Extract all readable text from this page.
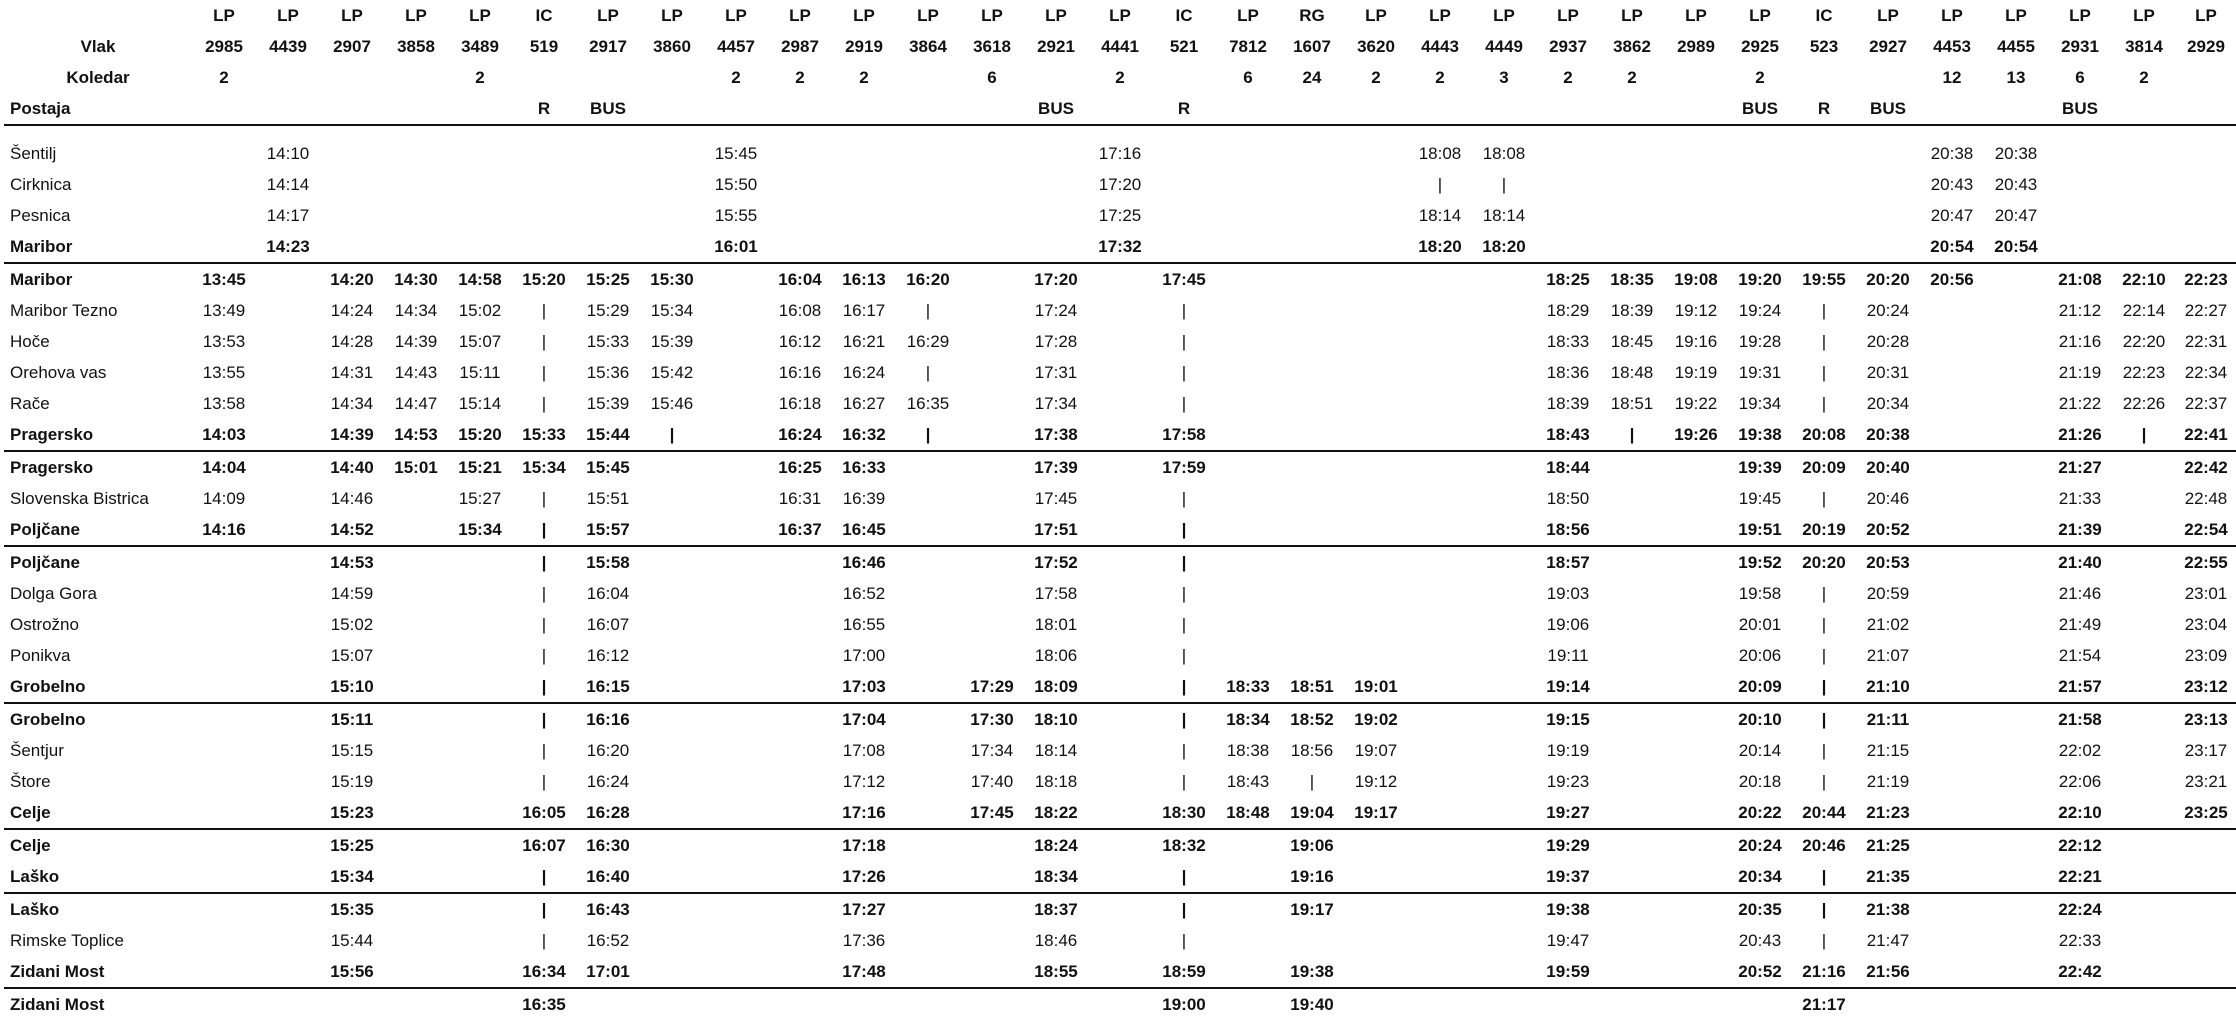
	LP	LP	LP	LP	LP	IC	LP	LP	LP	LP	LP	LP	LP	LP	LP	IC	LP	RG	LP	LP	LP	LP	LP	LP	LP	IC	LP	LP	LP	LP	LP	LP
Vlak	2985	4439	2907	3858	3489	519	2917	3860	4457	2987	2919	3864	3618	2921	4441	521	7812	1607	3620	4443	4449	2937	3862	2989	2925	523	2927	4453	4455	2931	3814	2929
Koledar	2				2				2	2	2		6		2		6	24	2	2	3	2	2		2			12	13	6	2	
Postaja						R	BUS							BUS		R									BUS	R	BUS			BUS		

Šentilj		14:10							15:45						17:16					18:08	18:08							20:38	20:38			
Cirknica		14:14							15:50						17:20					|	|							20:43	20:43			
Pesnica		14:17							15:55						17:25					18:14	18:14							20:47	20:47			
Maribor		14:23							16:01						17:32					18:20	18:20							20:54	20:54			
Maribor	13:45		14:20	14:30	14:58	15:20	15:25	15:30		16:04	16:13	16:20		17:20		17:45						18:25	18:35	19:08	19:20	19:55	20:20	20:56		21:08	22:10	22:23
Maribor Tezno	13:49		14:24	14:34	15:02	|	15:29	15:34		16:08	16:17	|		17:24		|						18:29	18:39	19:12	19:24	|	20:24			21:12	22:14	22:27
Hoče	13:53		14:28	14:39	15:07	|	15:33	15:39		16:12	16:21	16:29		17:28		|						18:33	18:45	19:16	19:28	|	20:28			21:16	22:20	22:31
Orehova vas	13:55		14:31	14:43	15:11	|	15:36	15:42		16:16	16:24	|		17:31		|						18:36	18:48	19:19	19:31	|	20:31			21:19	22:23	22:34
Rače	13:58		14:34	14:47	15:14	|	15:39	15:46		16:18	16:27	16:35		17:34		|						18:39	18:51	19:22	19:34	|	20:34			21:22	22:26	22:37
Pragersko	14:03		14:39	14:53	15:20	15:33	15:44	|		16:24	16:32	|		17:38		17:58						18:43	|	19:26	19:38	20:08	20:38			21:26	|	22:41
Pragersko	14:04		14:40	15:01	15:21	15:34	15:45			16:25	16:33			17:39		17:59						18:44			19:39	20:09	20:40			21:27		22:42
Slovenska Bistrica	14:09		14:46		15:27	|	15:51			16:31	16:39			17:45		|						18:50			19:45	|	20:46			21:33		22:48
Poljčane	14:16		14:52		15:34	|	15:57			16:37	16:45			17:51		|						18:56			19:51	20:19	20:52			21:39		22:54
Poljčane			14:53			|	15:58				16:46			17:52		|						18:57			19:52	20:20	20:53			21:40		22:55
Dolga Gora			14:59			|	16:04				16:52			17:58		|						19:03			19:58	|	20:59			21:46		23:01
Ostrožno			15:02			|	16:07				16:55			18:01		|						19:06			20:01	|	21:02			21:49		23:04
Ponikva			15:07			|	16:12				17:00			18:06		|						19:11			20:06	|	21:07			21:54		23:09
Grobelno			15:10			|	16:15				17:03		17:29	18:09		|	18:33	18:51	19:01			19:14			20:09	|	21:10			21:57		23:12
Grobelno			15:11			|	16:16				17:04		17:30	18:10		|	18:34	18:52	19:02			19:15			20:10	|	21:11			21:58		23:13
Šentjur			15:15			|	16:20				17:08		17:34	18:14		|	18:38	18:56	19:07			19:19			20:14	|	21:15			22:02		23:17
Štore			15:19			|	16:24				17:12		17:40	18:18		|	18:43	|	19:12			19:23			20:18	|	21:19			22:06		23:21
Celje			15:23			16:05	16:28				17:16		17:45	18:22		18:30	18:48	19:04	19:17			19:27			20:22	20:44	21:23			22:10		23:25
Celje			15:25			16:07	16:30				17:18			18:24		18:32		19:06				19:29			20:24	20:46	21:25			22:12		
Laško			15:34			|	16:40				17:26			18:34		|		19:16				19:37			20:34	|	21:35			22:21		
Laško			15:35			|	16:43				17:27			18:37		|		19:17				19:38			20:35	|	21:38			22:24		
Rimske Toplice			15:44			|	16:52				17:36			18:46		|						19:47			20:43	|	21:47			22:33		
Zidani Most			15:56			16:34	17:01				17:48			18:55		18:59		19:38				19:59			20:52	21:16	21:56			22:42		
Zidani Most						16:35										19:00		19:40								21:17						
